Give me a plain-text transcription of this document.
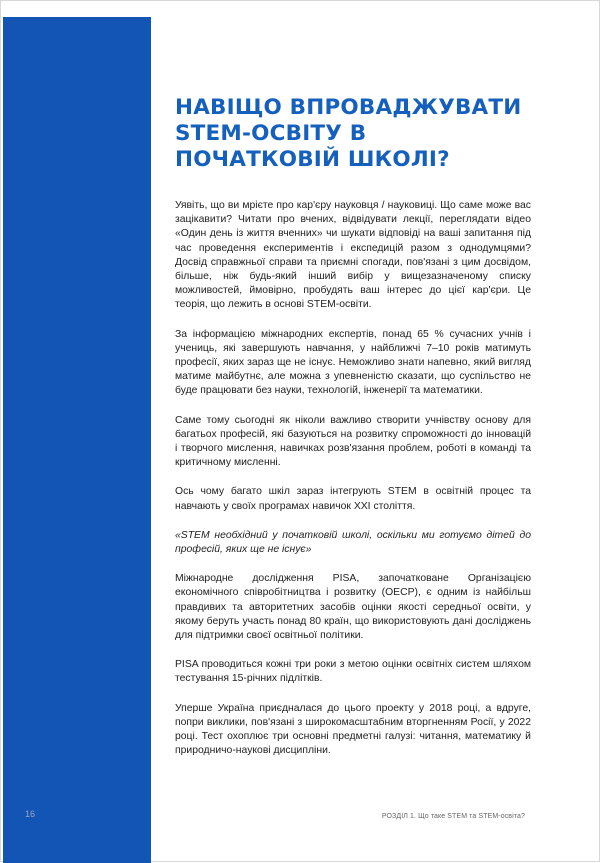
НАВІЩО ВПРОВАДЖУВАТИ STEM-ОСВІТУ В ПОЧАТКОВІЙ ШКОЛІ?

Уявіть, що ви мрієте про кар'єру науковця / науковиці. Що саме може вас зацікавити? Читати про вчених, відвідувати лекції, переглядати відео «Один день із життя вченних» чи шукати відповіді на ваші запитання під час проведення експериментів і експедицій разом з однодумцями? Досвід справжньої справи та приємні спогади, пов'язані з цим досвідом, більше, ніж будь-який інший вибір у вищезазначеному списку можливостей, ймовірно, пробудять ваш інтерес до цієї кар'єри. Це теорія, що лежить в основі STEM-освіти.

За інформацією міжнародних експертів, понад 65 % сучасних учнів і учениць, які завершують навчання, у найближчі 7–10 років матимуть професії, яких зараз ще не існує. Неможливо знати напевно, який вигляд матиме майбутнє, але можна з упевненістю сказати, що суспільство не буде працювати без науки, технологій, інженерії та математики.

Саме тому сьогодні як ніколи важливо створити учнівству основу для багатьох професій, які базуються на розвитку спроможності до інновацій і творчого мислення, навичках розв'язання проблем, роботі в команді та критичному мисленні.

Ось чому багато шкіл зараз інтегрують STEM в освітній процес та навчають у своїх програмах навичок ХХІ століття.

«STEM необхідний у початковій школі, оскільки ми готуємо дітей до професій, яких ще не існує»

Міжнародне дослідження PISA, започатковане Організацією економічного співробітництва і розвитку (ОЕСР), є одним із найбільш правдивих та авторитетних засобів оцінки якості середньої освіти, у якому беруть участь понад 80 країн, що використовують дані досліджень для підтримки своєї освітньої політики.

PISA проводиться кожні три роки з метою оцінки освітніх систем шляхом тестування 15-річних підлітків.

Уперше Україна приєдналася до цього проекту у 2018 році, а вдруге, попри виклики, пов'язані з широкомасштабним вторгненням Росії, у 2022 році. Тест охоплює три основні предметні галузі: читання, математику й природничо-наукові дисципліни.

16	РОЗДІЛ 1. Що таке STEM та STEM-освіта?
